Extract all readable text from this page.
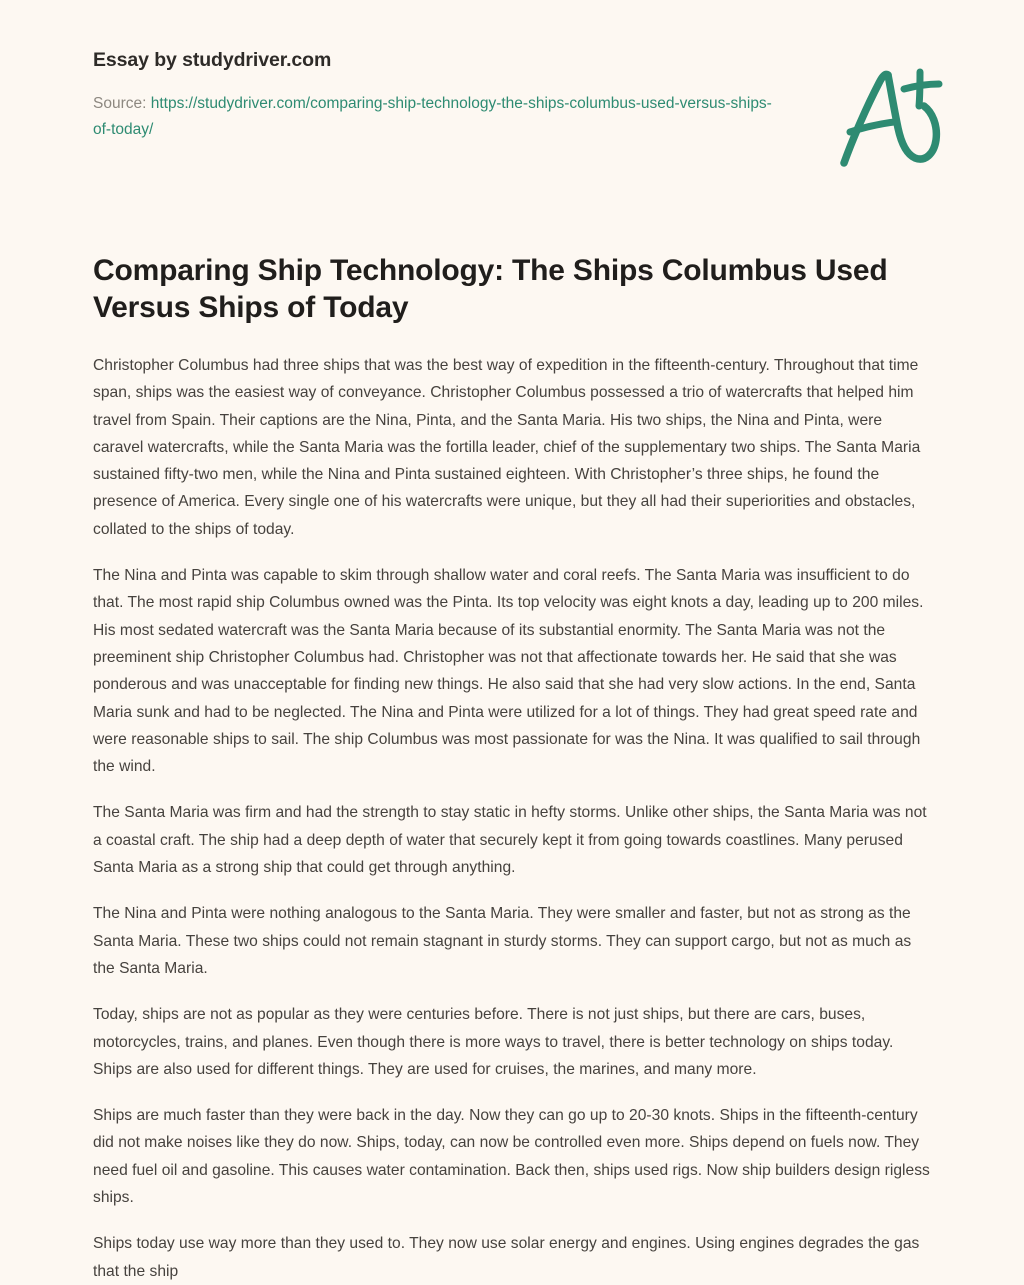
Essay by studydriver.com

Source: https://studydriver.com/comparing-ship-technology-the-ships-columbus-used-versus-ships-of-today/

Comparing Ship Technology: The Ships Columbus Used Versus Ships of Today

Christopher Columbus had three ships that was the best way of expedition in the fifteenth-century. Throughout that time span, ships was the easiest way of conveyance. Christopher Columbus possessed a trio of watercrafts that helped him travel from Spain. Their captions are the Nina, Pinta, and the Santa Maria. His two ships, the Nina and Pinta, were caravel watercrafts, while the Santa Maria was the fortilla leader, chief of the supplementary two ships. The Santa Maria sustained fifty-two men, while the Nina and Pinta sustained eighteen. With Christopher’s three ships, he found the presence of America. Every single one of his watercrafts were unique, but they all had their superiorities and obstacles, collated to the ships of today.

The Nina and Pinta was capable to skim through shallow water and coral reefs. The Santa Maria was insufficient to do that. The most rapid ship Columbus owned was the Pinta. Its top velocity was eight knots a day, leading up to 200 miles. His most sedated watercraft was the Santa Maria because of its substantial enormity. The Santa Maria was not the preeminent ship Christopher Columbus had. Christopher was not that affectionate towards her. He said that she was ponderous and was unacceptable for finding new things. He also said that she had very slow actions. In the end, Santa Maria sunk and had to be neglected. The Nina and Pinta were utilized for a lot of things. They had great speed rate and were reasonable ships to sail. The ship Columbus was most passionate for was the Nina. It was qualified to sail through the wind.

The Santa Maria was firm and had the strength to stay static in hefty storms. Unlike other ships, the Santa Maria was not a coastal craft. The ship had a deep depth of water that securely kept it from going towards coastlines. Many perused Santa Maria as a strong ship that could get through anything.

The Nina and Pinta were nothing analogous to the Santa Maria. They were smaller and faster, but not as strong as the Santa Maria. These two ships could not remain stagnant in sturdy storms. They can support cargo, but not as much as the Santa Maria.

Today, ships are not as popular as they were centuries before. There is not just ships, but there are cars, buses, motorcycles, trains, and planes. Even though there is more ways to travel, there is better technology on ships today. Ships are also used for different things. They are used for cruises, the marines, and many more.

Ships are much faster than they were back in the day. Now they can go up to 20-30 knots. Ships in the fifteenth-century did not make noises like they do now. Ships, today, can now be controlled even more. Ships depend on fuels now. They need fuel oil and gasoline. This causes water contamination. Back then, ships used rigs. Now ship builders design rigless ships.

Ships today use way more than they used to. They now use solar energy and engines. Using engines degrades the gas that the ship
